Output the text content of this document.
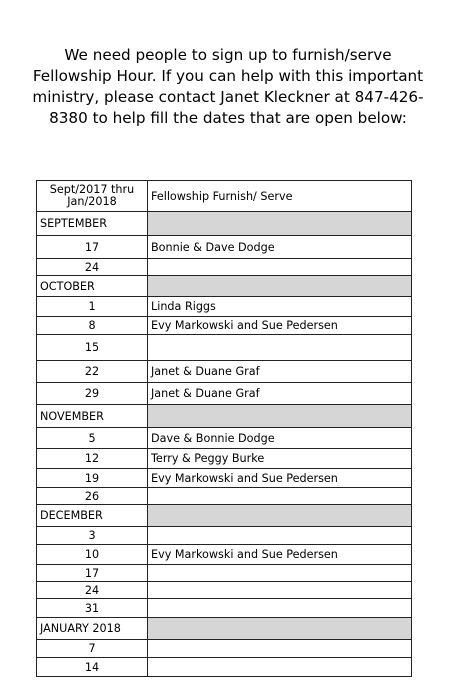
We need people to sign up to furnish/serve
Fellowship Hour. If you can help with this important
ministry, please contact Janet Kleckner at 847-426-
8380 to help fill the dates that are open below:

Sept/2017 thru
Jan/2018	Fellowship Furnish/ Serve
SEPTEMBER	
17	Bonnie & Dave Dodge
24	
OCTOBER	
1	Linda Riggs
8	Evy Markowski and Sue Pedersen
15	
22	Janet & Duane Graf
29	Janet & Duane Graf
NOVEMBER	
5	Dave & Bonnie Dodge
12	Terry & Peggy Burke
19	Evy Markowski and Sue Pedersen
26	
DECEMBER	
3	
10	Evy Markowski and Sue Pedersen
17	
24	
31	
JANUARY 2018	
7	
14	
